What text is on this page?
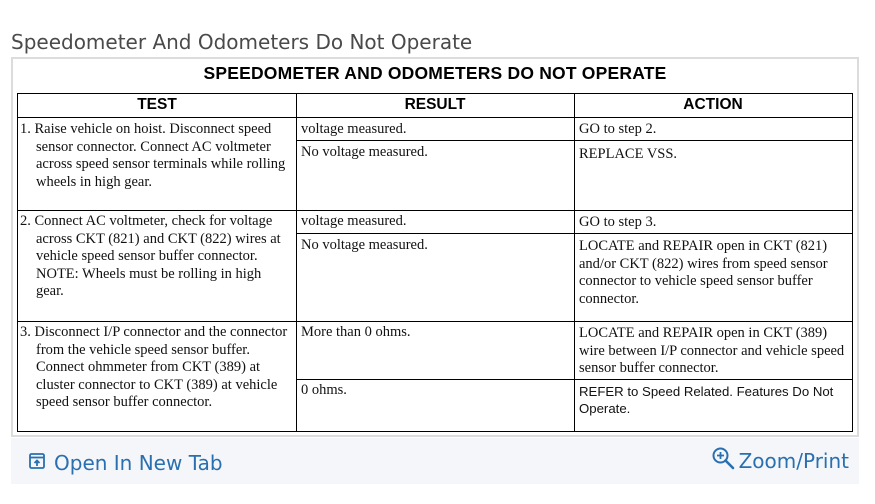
Speedometer And Odometers Do Not Operate
SPEEDOMETER AND ODOMETERS DO NOT OPERATE
TEST	RESULT	ACTION
1. Raise vehicle on hoist. Disconnect speed sensor connector. Connect AC voltmeter across speed sensor terminals while rolling wheels in high gear.
voltage measured.	GO to step 2.
No voltage measured.	REPLACE VSS.
2. Connect AC voltmeter, check for voltage across CKT (821) and CKT (822) wires at vehicle speed sensor buffer connector. NOTE: Wheels must be rolling in high gear.
voltage measured.	GO to step 3.
No voltage measured.	LOCATE and REPAIR open in CKT (821) and/or CKT (822) wires from speed sensor connector to vehicle speed sensor buffer connector.
3. Disconnect I/P connector and the connector from the vehicle speed sensor buffer. Connect ohmmeter from CKT (389) at cluster connector to CKT (389) at vehicle speed sensor buffer connector.
More than 0 ohms.	LOCATE and REPAIR open in CKT (389) wire between I/P connector and vehicle speed sensor buffer connector.
0 ohms.	REFER to Speed Related. Features Do Not Operate.
Open In New Tab	Zoom/Print
